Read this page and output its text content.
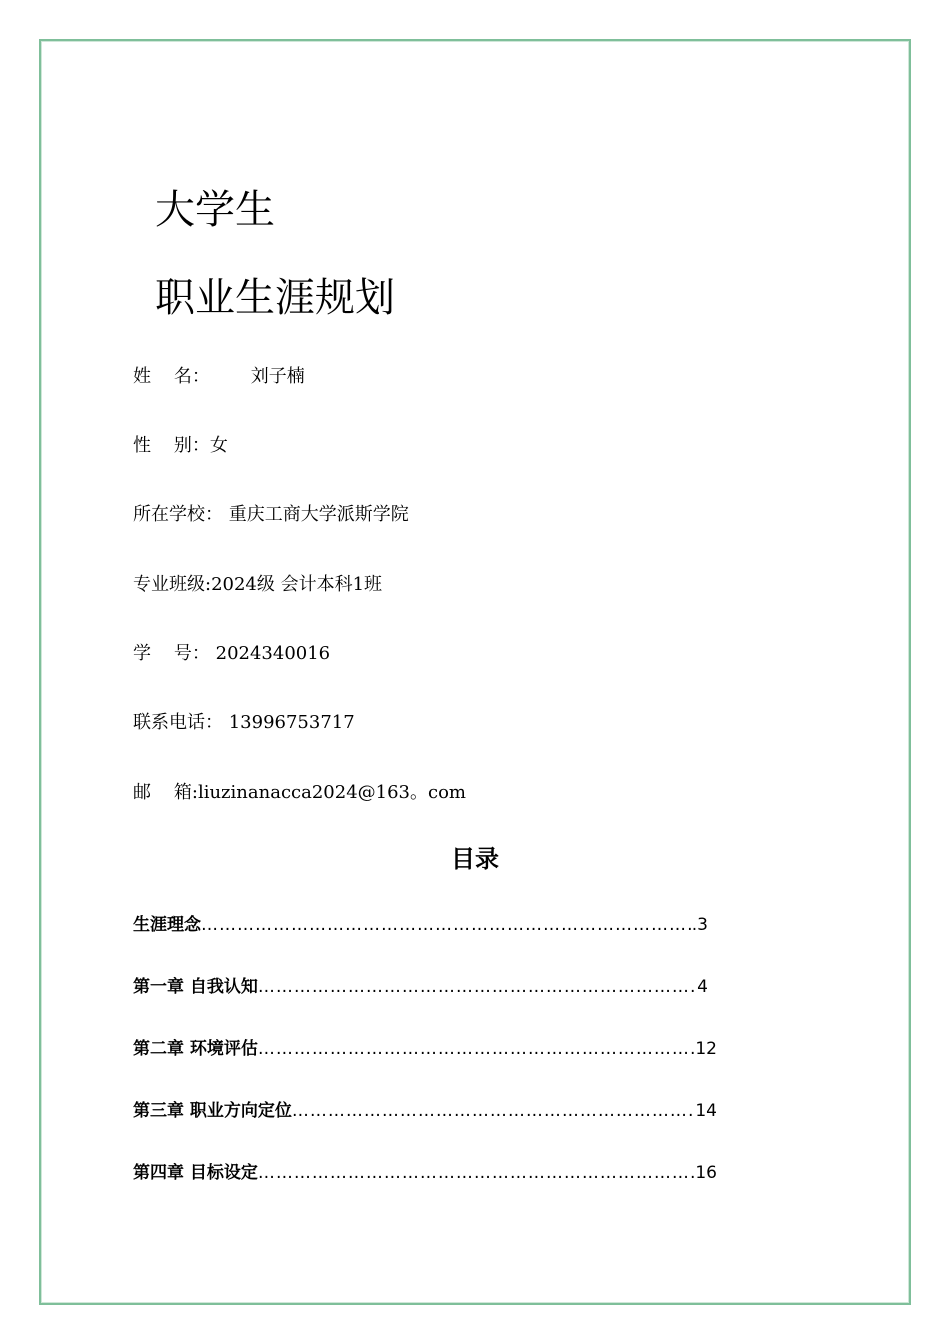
大学生
职业生涯规划
姓    名： 刘子楠
性    别：女
所在学校： 重庆工商大学派斯学院
专业班级:2024级 会计本科1班
学    号： 2024340016
联系电话： 13996753717
邮    箱:liuzinanacca2024@163。com
目录
生涯理念 …………………………………………………………………………………………………………………………………………………………………………	.3
第一章 自我认知 …………………………………………………………………………………………………………………………………………………………………………	4
第二章 环境评估 …………………………………………………………………………………………………………………………………………………………………………	12
第三章 职业方向定位 …………………………………………………………………………………………………………………………………………………………………………	14
第四章 目标设定 …………………………………………………………………………………………………………………………………………………………………………	16
